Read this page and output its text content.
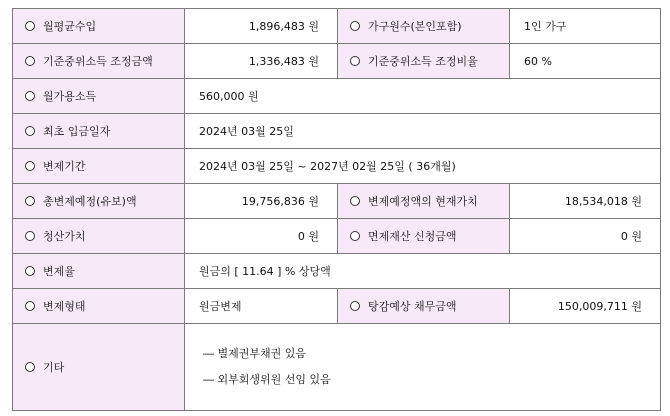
월평균수입	1,896,483 원	가구원수(본인포함)	1인 가구
기준중위소득 조정금액	1,336,483 원	기준중위소득 조정비율	60 %
월가용소득	560,000 원		
최초 입금일자	2024년 03월 25일		
변제기간	2024년 03월 25일 ~ 2027년 02월 25일 ( 36개월)		
총변제예정(유보)액	19,756,836 원	변제예정액의 현재가치	18,534,018 원
청산가치	0 원	면제재산 신청금액	0 원
변제율	원금의 [ 11.64 ] % 상당액		
변제형태	원금변제	탕감예상 채무금액	150,009,711 원
기타	― 별제권부채권 있음
― 외부회생위원 선임 있음		
